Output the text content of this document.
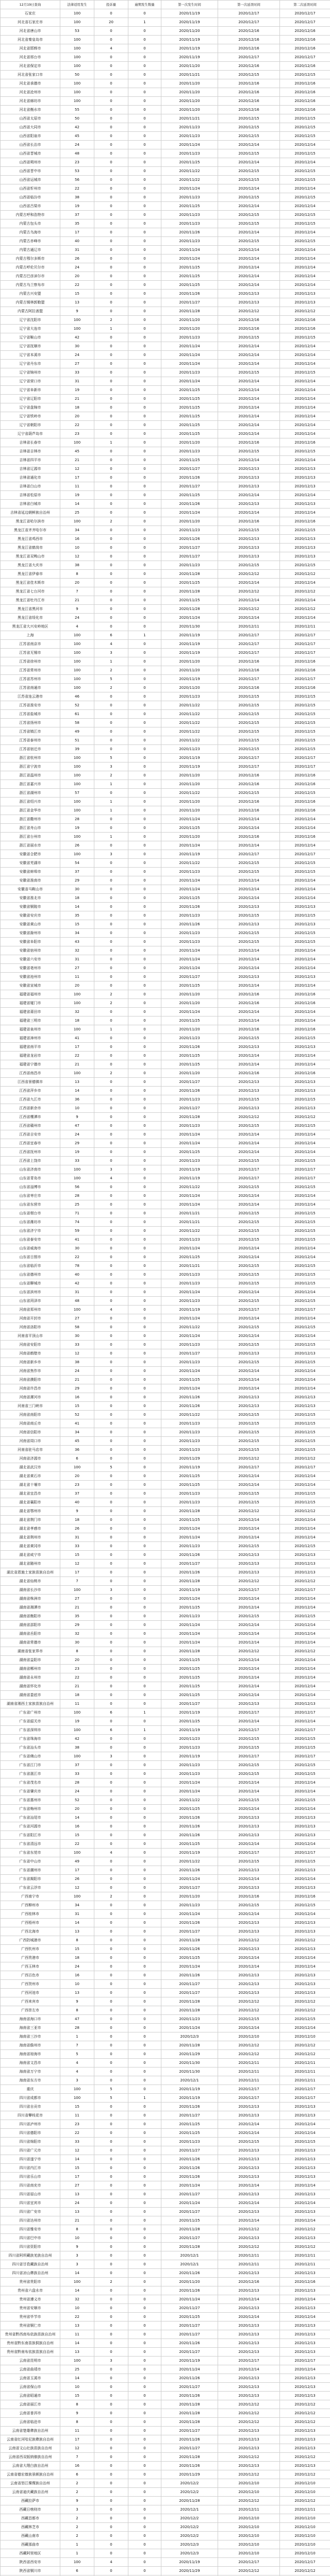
12月19日查询	法律适用发生	投诉量	逾期发生数量	第一次发生时间	第一次延误时间	第二次延误时间	
石家庄	100	0	0	2020/11/19	2020/12/17	2020/12/17	
河北省石家庄市	100	20	1	2020/11/19	2020/12/17	2020/12/17	
河北省唐山市	53	0	0	2020/11/20	2020/12/16	2020/12/16	
河北省秦皇岛市	100	0	0	2020/11/19	2020/12/16	2020/12/16	
河北省邯郸市	100	4	0	2020/11/19	2020/12/16	2020/12/16	
河北省邢台市	100	0	0	2020/11/19	2020/12/17	2020/12/17	
河北省保定市	100	0	0	2020/11/20	2020/12/16	2020/12/16	
河北省张家口市	50	0	0	2020/11/21	2020/12/15	2020/12/15	
河北省承德市	100	0	0	2020/11/20	2020/12/16	2020/12/16	
河北省沧州市	100	0	0	2020/11/20	2020/12/16	2020/12/16	
河北省廊坊市	100	0	0	2020/11/20	2020/12/16	2020/12/16	
河北省衡水市	55	0	0	2020/11/20	2020/12/16	2020/12/16	
山西省太原市	50	0	0	2020/11/21	2020/12/15	2020/12/15	
山西省大同市	42	0	0	2020/11/23	2020/12/15	2020/12/15	
山西省阳泉市	45	0	0	2020/11/23	2020/12/15	2020/12/15	
山西省长治市	24	0	0	2020/11/24	2020/12/14	2020/12/14	
山西省晋城市	48	0	0	2020/11/23	2020/12/15	2020/12/15	
山西省朔州市	23	0	0	2020/11/25	2020/12/14	2020/12/14	
山西省晋中市	53	0	0	2020/11/22	2020/12/15	2020/12/15	
山西省运城市	56	0	0	2020/11/22	2020/12/15	2020/12/15	
山西省忻州市	22	0	0	2020/11/24	2020/12/14	2020/12/14	
山西省临汾市	38	0	0	2020/11/23	2020/12/15	2020/12/15	
山西省吕梁市	19	0	0	2020/11/25	2020/12/14	2020/12/14	
内蒙古呼和浩特市	37	0	0	2020/11/23	2020/12/15	2020/12/15	
内蒙古包头市	35	0	0	2020/11/23	2020/12/15	2020/12/15	
内蒙古乌海市	17	0	0	2020/11/26	2020/12/14	2020/12/14	
内蒙古赤峰市	40	0	0	2020/11/23	2020/12/15	2020/12/15	
内蒙古通辽市	31	0	0	2020/11/24	2020/12/14	2020/12/14	
内蒙古鄂尔多斯市	26	0	0	2020/11/24	2020/12/14	2020/12/14	
内蒙古呼伦贝尔市	24	0	0	2020/11/25	2020/12/14	2020/12/14	
内蒙古巴彦淖尔市	20	0	0	2020/11/25	2020/12/14	2020/12/14	
内蒙古乌兰察布市	22	0	0	2020/11/25	2020/12/14	2020/12/14	
内蒙古兴安盟	15	0	0	2020/11/26	2020/12/13	2020/12/13	
内蒙古锡林郭勒盟	13	0	0	2020/11/27	2020/12/13	2020/12/13	
内蒙古阿拉善盟	9	0	0	2020/11/28	2020/12/12	2020/12/12	
辽宁省沈阳市	100	2	0	2020/11/20	2020/12/16	2020/12/16	
辽宁省大连市	100	1	0	2020/11/20	2020/12/16	2020/12/16	
辽宁省鞍山市	42	0	0	2020/11/23	2020/12/15	2020/12/15	
辽宁省抚顺市	30	0	0	2020/11/24	2020/12/14	2020/12/14	
辽宁省本溪市	24	0	0	2020/11/24	2020/12/14	2020/12/14	
辽宁省丹东市	27	0	0	2020/11/24	2020/12/14	2020/12/14	
辽宁省锦州市	33	0	0	2020/11/23	2020/12/15	2020/12/15	
辽宁省营口市	31	0	0	2020/11/24	2020/12/14	2020/12/14	
辽宁省阜新市	19	0	0	2020/11/25	2020/12/14	2020/12/14	
辽宁省辽阳市	21	0	0	2020/11/25	2020/12/14	2020/12/14	
辽宁省盘锦市	18	0	0	2020/11/25	2020/12/14	2020/12/14	
辽宁省铁岭市	20	0	0	2020/11/25	2020/12/14	2020/12/14	
辽宁省朝阳市	22	0	0	2020/11/25	2020/12/14	2020/12/14	
辽宁省葫芦岛市	23	0	0	2020/11/25	2020/12/14	2020/12/14	
吉林省长春市	100	1	0	2020/11/20	2020/12/16	2020/12/16	
吉林省吉林市	45	0	0	2020/11/23	2020/12/15	2020/12/15	
吉林省四平市	21	0	0	2020/11/25	2020/12/14	2020/12/14	
吉林省辽源市	12	0	0	2020/11/27	2020/12/13	2020/12/13	
吉林省通化市	17	0	0	2020/11/26	2020/12/13	2020/12/13	
吉林省白山市	11	0	0	2020/11/27	2020/12/13	2020/12/13	
吉林省松原市	19	0	0	2020/11/25	2020/12/14	2020/12/14	
吉林省白城市	14	0	0	2020/11/26	2020/12/13	2020/12/13	
吉林省延边朝鲜族自治州	25	0	0	2020/11/24	2020/12/14	2020/12/14	
黑龙江省哈尔滨市	100	2	0	2020/11/20	2020/12/16	2020/12/16	
黑龙江省齐齐哈尔市	34	0	0	2020/11/23	2020/12/15	2020/12/15	
黑龙江省鸡西市	16	0	0	2020/11/26	2020/12/13	2020/12/13	
黑龙江省鹤岗市	10	0	0	2020/11/27	2020/12/13	2020/12/13	
黑龙江省双鸭山市	12	0	0	2020/11/27	2020/12/13	2020/12/13	
黑龙江省大庆市	38	0	0	2020/11/23	2020/12/15	2020/12/15	
黑龙江省伊春市	8	0	0	2020/11/28	2020/12/12	2020/12/12	
黑龙江省佳木斯市	20	0	0	2020/11/25	2020/12/14	2020/12/14	
黑龙江省七台河市	7	0	0	2020/11/28	2020/12/12	2020/12/12	
黑龙江省牡丹江市	21	0	0	2020/11/25	2020/12/14	2020/12/14	
黑龙江省黑河市	9	0	0	2020/11/28	2020/12/12	2020/12/12	
黑龙江省绥化市	24	0	0	2020/11/24	2020/12/14	2020/12/14	
黑龙江省大兴安岭地区	4	0	0	2020/11/30	2020/12/11	2020/12/11	
上海	100	6	1	2020/11/19	2020/12/17	2020/12/17	
江苏省南京市	100	4	0	2020/11/19	2020/12/17	2020/12/17	
江苏省无锡市	100	3	0	2020/11/19	2020/12/17	2020/12/17	
江苏省徐州市	100	1	0	2020/11/20	2020/12/16	2020/12/16	
江苏省常州市	100	2	0	2020/11/20	2020/12/16	2020/12/16	
江苏省苏州市	100	5	0	2020/11/19	2020/12/17	2020/12/17	
江苏省南通市	100	2	0	2020/11/20	2020/12/16	2020/12/16	
江苏省连云港市	46	0	0	2020/11/23	2020/12/15	2020/12/15	
江苏省淮安市	52	0	0	2020/11/22	2020/12/15	2020/12/15	
江苏省盐城市	61	0	0	2020/11/22	2020/12/15	2020/12/15	
江苏省扬州市	58	0	0	2020/11/22	2020/12/15	2020/12/15	
江苏省镇江市	49	0	0	2020/11/22	2020/12/15	2020/12/15	
江苏省泰州市	51	0	0	2020/11/22	2020/12/15	2020/12/15	
江苏省宿迁市	39	0	0	2020/11/23	2020/12/15	2020/12/15	
浙江省杭州市	100	5	0	2020/11/19	2020/12/17	2020/12/17	
浙江省宁波市	100	3	0	2020/11/19	2020/12/17	2020/12/17	
浙江省温州市	100	2	0	2020/11/20	2020/12/16	2020/12/16	
浙江省嘉兴市	100	1	0	2020/11/20	2020/12/16	2020/12/16	
浙江省湖州市	57	0	0	2020/11/22	2020/12/15	2020/12/15	
浙江省绍兴市	100	1	0	2020/11/20	2020/12/16	2020/12/16	
浙江省金华市	100	1	0	2020/11/20	2020/12/16	2020/12/16	
浙江省衢州市	28	0	0	2020/11/24	2020/12/14	2020/12/14	
浙江省舟山市	19	0	0	2020/11/25	2020/12/14	2020/12/14	
浙江省台州市	100	1	0	2020/11/20	2020/12/16	2020/12/16	
浙江省丽水市	26	0	0	2020/11/24	2020/12/14	2020/12/14	
安徽省合肥市	100	3	0	2020/11/19	2020/12/17	2020/12/17	
安徽省芜湖市	54	0	0	2020/11/22	2020/12/15	2020/12/15	
安徽省蚌埠市	37	0	0	2020/11/23	2020/12/15	2020/12/15	
安徽省淮南市	29	0	0	2020/11/24	2020/12/14	2020/12/14	
安徽省马鞍山市	30	0	0	2020/11/24	2020/12/14	2020/12/14	
安徽省淮北市	18	0	0	2020/11/25	2020/12/14	2020/12/14	
安徽省铜陵市	14	0	0	2020/11/26	2020/12/13	2020/12/13	
安徽省安庆市	35	0	0	2020/11/23	2020/12/15	2020/12/15	
安徽省黄山市	15	0	0	2020/11/26	2020/12/13	2020/12/13	
安徽省滁州市	34	0	0	2020/11/23	2020/12/15	2020/12/15	
安徽省阜阳市	43	0	0	2020/11/23	2020/12/15	2020/12/15	
安徽省宿州市	32	0	0	2020/11/24	2020/12/14	2020/12/14	
安徽省六安市	31	0	0	2020/11/24	2020/12/14	2020/12/14	
安徽省亳州市	27	0	0	2020/11/24	2020/12/14	2020/12/14	
安徽省池州市	11	0	0	2020/11/27	2020/12/13	2020/12/13	
安徽省宣城市	20	0	0	2020/11/25	2020/12/14	2020/12/14	
福建省福州市	100	2	0	2020/11/20	2020/12/16	2020/12/16	
福建省厦门市	100	2	0	2020/11/20	2020/12/16	2020/12/16	
福建省莆田市	32	0	0	2020/11/24	2020/12/14	2020/12/14	
福建省三明市	18	0	0	2020/11/25	2020/12/14	2020/12/14	
福建省泉州市	100	1	0	2020/11/20	2020/12/16	2020/12/16	
福建省漳州市	41	0	0	2020/11/23	2020/12/15	2020/12/15	
福建省南平市	17	0	0	2020/11/26	2020/12/13	2020/12/13	
福建省龙岩市	22	0	0	2020/11/25	2020/12/14	2020/12/14	
福建省宁德市	21	0	0	2020/11/25	2020/12/14	2020/12/14	
江西省南昌市	100	2	0	2020/11/20	2020/12/16	2020/12/16	
江西省景德镇市	13	0	0	2020/11/27	2020/12/13	2020/12/13	
江西省萍乡市	14	0	0	2020/11/26	2020/12/13	2020/12/13	
江西省九江市	36	0	0	2020/11/23	2020/12/15	2020/12/15	
江西省新余市	10	0	0	2020/11/27	2020/12/13	2020/12/13	
江西省鹰潭市	9	0	0	2020/11/28	2020/12/12	2020/12/12	
江西省赣州市	47	0	0	2020/11/23	2020/12/15	2020/12/15	
江西省吉安市	24	0	0	2020/11/24	2020/12/14	2020/12/14	
江西省宜春市	29	0	0	2020/11/24	2020/12/14	2020/12/14	
江西省抚州市	19	0	0	2020/11/25	2020/12/14	2020/12/14	
江西省上饶市	33	0	0	2020/11/23	2020/12/15	2020/12/15	
山东省济南市	100	3	0	2020/11/19	2020/12/17	2020/12/17	
山东省青岛市	100	4	0	2020/11/19	2020/12/17	2020/12/17	
山东省淄博市	56	0	0	2020/11/22	2020/12/15	2020/12/15	
山东省枣庄市	28	0	0	2020/11/24	2020/12/14	2020/12/14	
山东省东营市	25	0	0	2020/11/24	2020/12/14	2020/12/14	
山东省烟台市	71	0	0	2020/11/21	2020/12/15	2020/12/15	
山东省潍坊市	74	0	0	2020/11/21	2020/12/15	2020/12/15	
山东省济宁市	59	0	0	2020/11/22	2020/12/15	2020/12/15	
山东省泰安市	41	0	0	2020/11/23	2020/12/15	2020/12/15	
山东省威海市	30	0	0	2020/11/24	2020/12/14	2020/12/14	
山东省日照市	22	0	0	2020/11/25	2020/12/14	2020/12/14	
山东省临沂市	78	0	0	2020/11/21	2020/12/15	2020/12/15	
山东省德州市	40	0	0	2020/11/23	2020/12/15	2020/12/15	
山东省聊城市	42	0	0	2020/11/23	2020/12/15	2020/12/15	
山东省滨州市	31	0	0	2020/11/24	2020/12/14	2020/12/14	
山东省菏泽市	48	0	0	2020/11/23	2020/12/15	2020/12/15	
河南省郑州市	100	4	0	2020/11/19	2020/12/17	2020/12/17	
河南省开封市	27	0	0	2020/11/24	2020/12/14	2020/12/14	
河南省洛阳市	58	0	0	2020/11/22	2020/12/15	2020/12/15	
河南省平顶山市	30	0	0	2020/11/24	2020/12/14	2020/12/14	
河南省安阳市	33	0	0	2020/11/23	2020/12/15	2020/12/15	
河南省鹤壁市	12	0	0	2020/11/27	2020/12/13	2020/12/13	
河南省新乡市	38	0	0	2020/11/23	2020/12/15	2020/12/15	
河南省焦作市	24	0	0	2020/11/24	2020/12/14	2020/12/14	
河南省濮阳市	21	0	0	2020/11/25	2020/12/14	2020/12/14	
河南省许昌市	29	0	0	2020/11/24	2020/12/14	2020/12/14	
河南省漯河市	16	0	0	2020/11/26	2020/12/13	2020/12/13	
河南省三门峡市	15	0	0	2020/11/26	2020/12/13	2020/12/13	
河南省南阳市	52	0	0	2020/11/22	2020/12/15	2020/12/15	
河南省商丘市	41	0	0	2020/11/23	2020/12/15	2020/12/15	
河南省信阳市	34	0	0	2020/11/23	2020/12/15	2020/12/15	
河南省周口市	45	0	0	2020/11/23	2020/12/15	2020/12/15	
河南省驻马店市	36	0	0	2020/11/23	2020/12/15	2020/12/15	
河南省济源市	6	0	0	2020/11/29	2020/12/12	2020/12/12	
湖北省武汉市	100	5	0	2020/11/19	2020/12/17	2020/12/17	
湖北省黄石市	20	0	0	2020/11/25	2020/12/14	2020/12/14	
湖北省十堰市	23	0	0	2020/11/25	2020/12/14	2020/12/14	
湖北省宜昌市	37	0	0	2020/11/23	2020/12/15	2020/12/15	
湖北省襄阳市	40	0	0	2020/11/23	2020/12/15	2020/12/15	
湖北省鄂州市	9	0	0	2020/11/28	2020/12/12	2020/12/12	
湖北省荆门市	18	0	0	2020/11/25	2020/12/14	2020/12/14	
湖北省孝感市	26	0	0	2020/11/24	2020/12/14	2020/12/14	
湖北省荆州市	31	0	0	2020/11/24	2020/12/14	2020/12/14	
湖北省黄冈市	33	0	0	2020/11/23	2020/12/15	2020/12/15	
湖北省咸宁市	15	0	0	2020/11/26	2020/12/13	2020/12/13	
湖北省随州市	12	0	0	2020/11/27	2020/12/13	2020/12/13	
湖北省恩施土家族苗族自治州	17	0	0	2020/11/26	2020/12/13	2020/12/13	
湖北省仙桃市	7	0	0	2020/11/28	2020/12/12	2020/12/12	
湖南省长沙市	100	3	0	2020/11/19	2020/12/17	2020/12/17	
湖南省株洲市	27	0	0	2020/11/24	2020/12/14	2020/12/14	
湖南省湘潭市	21	0	0	2020/11/25	2020/12/14	2020/12/14	
湖南省衡阳市	35	0	0	2020/11/23	2020/12/15	2020/12/15	
湖南省邵阳市	29	0	0	2020/11/24	2020/12/14	2020/12/14	
湖南省岳阳市	32	0	0	2020/11/24	2020/12/14	2020/12/14	
湖南省常德市	30	0	0	2020/11/24	2020/12/14	2020/12/14	
湖南省张家界市	8	0	0	2020/11/28	2020/12/12	2020/12/12	
湖南省益阳市	20	0	0	2020/11/25	2020/12/14	2020/12/14	
湖南省郴州市	23	0	0	2020/11/25	2020/12/14	2020/12/14	
湖南省永州市	22	0	0	2020/11/25	2020/12/14	2020/12/14	
湖南省怀化市	21	0	0	2020/11/25	2020/12/14	2020/12/14	
湖南省娄底市	18	0	0	2020/11/25	2020/12/14	2020/12/14	
湖南省湘西土家族苗族自治州	11	0	0	2020/11/27	2020/12/13	2020/12/13	
广东省广州市	100	6	1	2020/11/19	2020/12/17	2020/12/17	
广东省韶关市	19	0	0	2020/11/25	2020/12/14	2020/12/14	
广东省深圳市	100	6	1	2020/11/19	2020/12/17	2020/12/17	
广东省珠海市	42	0	0	2020/11/23	2020/12/15	2020/12/15	
广东省汕头市	38	0	0	2020/11/23	2020/12/15	2020/12/15	
广东省佛山市	100	3	0	2020/11/19	2020/12/17	2020/12/17	
广东省江门市	37	0	0	2020/11/23	2020/12/15	2020/12/15	
广东省湛江市	33	0	0	2020/11/23	2020/12/15	2020/12/15	
广东省茂名市	28	0	0	2020/11/24	2020/12/14	2020/12/14	
广东省肇庆市	24	0	0	2020/11/24	2020/12/14	2020/12/14	
广东省惠州市	52	0	0	2020/11/22	2020/12/15	2020/12/15	
广东省梅州市	20	0	0	2020/11/25	2020/12/14	2020/12/14	
广东省汕尾市	14	0	0	2020/11/26	2020/12/13	2020/12/13	
广东省河源市	16	0	0	2020/11/26	2020/12/13	2020/12/13	
广东省阳江市	15	0	0	2020/11/26	2020/12/13	2020/12/13	
广东省清远市	22	0	0	2020/11/25	2020/12/14	2020/12/14	
广东省东莞市	100	4	0	2020/11/19	2020/12/17	2020/12/17	
广东省中山市	49	0	0	2020/11/22	2020/12/15	2020/12/15	
广东省潮州市	17	0	0	2020/11/26	2020/12/13	2020/12/13	
广东省揭阳市	26	0	0	2020/11/24	2020/12/14	2020/12/14	
广东省云浮市	12	0	0	2020/11/27	2020/12/13	2020/12/13	
广西南宁市	100	2	0	2020/11/20	2020/12/16	2020/12/16	
广西柳州市	34	0	0	2020/11/23	2020/12/15	2020/12/15	
广西桂林市	31	0	0	2020/11/24	2020/12/14	2020/12/14	
广西梧州市	14	0	0	2020/11/26	2020/12/13	2020/12/13	
广西北海市	13	0	0	2020/11/27	2020/12/13	2020/12/13	
广西防城港市	8	0	0	2020/11/28	2020/12/12	2020/12/12	
广西钦州市	15	0	0	2020/11/26	2020/12/13	2020/12/13	
广西贵港市	18	0	0	2020/11/25	2020/12/14	2020/12/14	
广西玉林市	24	0	0	2020/11/24	2020/12/14	2020/12/14	
广西百色市	16	0	0	2020/11/26	2020/12/13	2020/12/13	
广西贺州市	10	0	0	2020/11/27	2020/12/13	2020/12/13	
广西河池市	13	0	0	2020/11/27	2020/12/13	2020/12/13	
广西来宾市	9	0	0	2020/11/28	2020/12/12	2020/12/12	
广西崇左市	8	0	0	2020/11/28	2020/12/12	2020/12/12	
海南省海口市	47	0	0	2020/11/23	2020/12/15	2020/12/15	
海南省三亚市	28	0	0	2020/11/24	2020/12/14	2020/12/14	
海南省三沙市	1	0	0	2020/12/3	2020/12/10	2020/12/10	
海南省儋州市	7	0	0	2020/11/28	2020/12/12	2020/12/12	
海南省琼海市	5	0	0	2020/11/29	2020/12/12	2020/12/12	
海南省文昌市	4	0	0	2020/11/30	2020/12/11	2020/12/11	
海南省万宁市	4	0	0	2020/11/30	2020/12/11	2020/12/11	
海南省东方市	3	0	0	2020/12/1	2020/12/11	2020/12/11	
重庆	100	5	0	2020/11/19	2020/12/17	2020/12/17	
四川省成都市	100	5	1	2020/11/19	2020/12/17	2020/12/17	
四川省自贡市	15	0	0	2020/11/26	2020/12/13	2020/12/13	
四川省攀枝花市	11	0	0	2020/11/27	2020/12/13	2020/12/13	
四川省泸州市	23	0	0	2020/11/25	2020/12/14	2020/12/14	
四川省德阳市	22	0	0	2020/11/25	2020/12/14	2020/12/14	
四川省绵阳市	33	0	0	2020/11/23	2020/12/15	2020/12/15	
四川省广元市	12	0	0	2020/11/27	2020/12/13	2020/12/13	
四川省遂宁市	14	0	0	2020/11/26	2020/12/13	2020/12/13	
四川省内江市	15	0	0	2020/11/26	2020/12/13	2020/12/13	
四川省乐山市	17	0	0	2020/11/26	2020/12/13	2020/12/13	
四川省南充市	27	0	0	2020/11/24	2020/12/14	2020/12/14	
四川省眉山市	13	0	0	2020/11/27	2020/12/13	2020/12/13	
四川省宜宾市	24	0	0	2020/11/24	2020/12/14	2020/12/14	
四川省广安市	13	0	0	2020/11/27	2020/12/13	2020/12/13	
四川省达州市	21	0	0	2020/11/25	2020/12/14	2020/12/14	
四川省雅安市	8	0	0	2020/11/28	2020/12/12	2020/12/12	
四川省巴中市	10	0	0	2020/11/27	2020/12/13	2020/12/13	
四川省资阳市	9	0	0	2020/11/28	2020/12/12	2020/12/12	
四川省阿坝藏族羌族自治州	3	0	0	2020/12/1	2020/12/11	2020/12/11	
四川省甘孜藏族自治州	3	0	0	2020/12/1	2020/12/11	2020/12/11	
四川省凉山彝族自治州	14	0	0	2020/11/26	2020/12/13	2020/12/13	
贵州省贵阳市	100	2	0	2020/11/20	2020/12/16	2020/12/16	
贵州省六盘水市	14	0	0	2020/11/26	2020/12/13	2020/12/13	
贵州省遵义市	32	0	0	2020/11/24	2020/12/14	2020/12/14	
贵州省安顺市	10	0	0	2020/11/27	2020/12/13	2020/12/13	
贵州省毕节市	22	0	0	2020/11/25	2020/12/14	2020/12/14	
贵州省铜仁市	13	0	0	2020/11/27	2020/12/13	2020/12/13	
贵州省黔西南布依族苗族自治州	11	0	0	2020/11/27	2020/12/13	2020/12/13	
贵州省黔东南苗族侗族自治州	14	0	0	2020/11/26	2020/12/13	2020/12/13	
贵州省黔南布依族苗族自治州	13	0	0	2020/11/27	2020/12/13	2020/12/13	
云南省昆明市	100	3	0	2020/11/19	2020/12/17	2020/12/17	
云南省曲靖市	25	0	0	2020/11/24	2020/12/14	2020/12/14	
云南省玉溪市	14	0	0	2020/11/26	2020/12/13	2020/12/13	
云南省保山市	10	0	0	2020/11/27	2020/12/13	2020/12/13	
云南省昭通市	15	0	0	2020/11/26	2020/12/13	2020/12/13	
云南省丽江市	8	0	0	2020/11/28	2020/12/12	2020/12/12	
云南省普洱市	9	0	0	2020/11/28	2020/12/12	2020/12/12	
云南省临沧市	8	0	0	2020/11/28	2020/12/12	2020/12/12	
云南省楚雄彝族自治州	11	0	0	2020/11/27	2020/12/13	2020/12/13	
云南省红河哈尼族彝族自治州	17	0	0	2020/11/26	2020/12/13	2020/12/13	
云南省文山壮族苗族自治州	12	0	0	2020/11/27	2020/12/13	2020/12/13	
云南省西双版纳傣族自治州	7	0	0	2020/11/28	2020/12/12	2020/12/12	
云南省大理白族自治州	16	0	0	2020/11/26	2020/12/13	2020/12/13	
云南省德宏傣族景颇族自治州	6	0	0	2020/11/29	2020/12/12	2020/12/12	
云南省怒江傈僳族自治州	2	0	0	2020/12/2	2020/12/10	2020/12/10	
云南省迪庆藏族自治州	2	0	0	2020/12/2	2020/12/10	2020/12/10	
西藏拉萨市	9	0	0	2020/11/28	2020/12/12	2020/12/12	
西藏日喀则市	3	0	0	2020/12/1	2020/12/11	2020/12/11	
西藏昌都市	2	0	0	2020/12/2	2020/12/10	2020/12/10	
西藏林芝市	2	0	0	2020/12/2	2020/12/10	2020/12/10	
西藏山南市	2	0	0	2020/12/2	2020/12/10	2020/12/10	
西藏那曲市	1	0	0	2020/12/3	2020/12/10	2020/12/10	
西藏阿里地区	1	0	0	2020/12/3	2020/12/10	2020/12/10	
陕西省西安市	100	4	0	2020/11/19	2020/12/17	2020/12/17	
陕西省铜川市	6	0	0	2020/11/29	2020/12/12	2020/12/12	
